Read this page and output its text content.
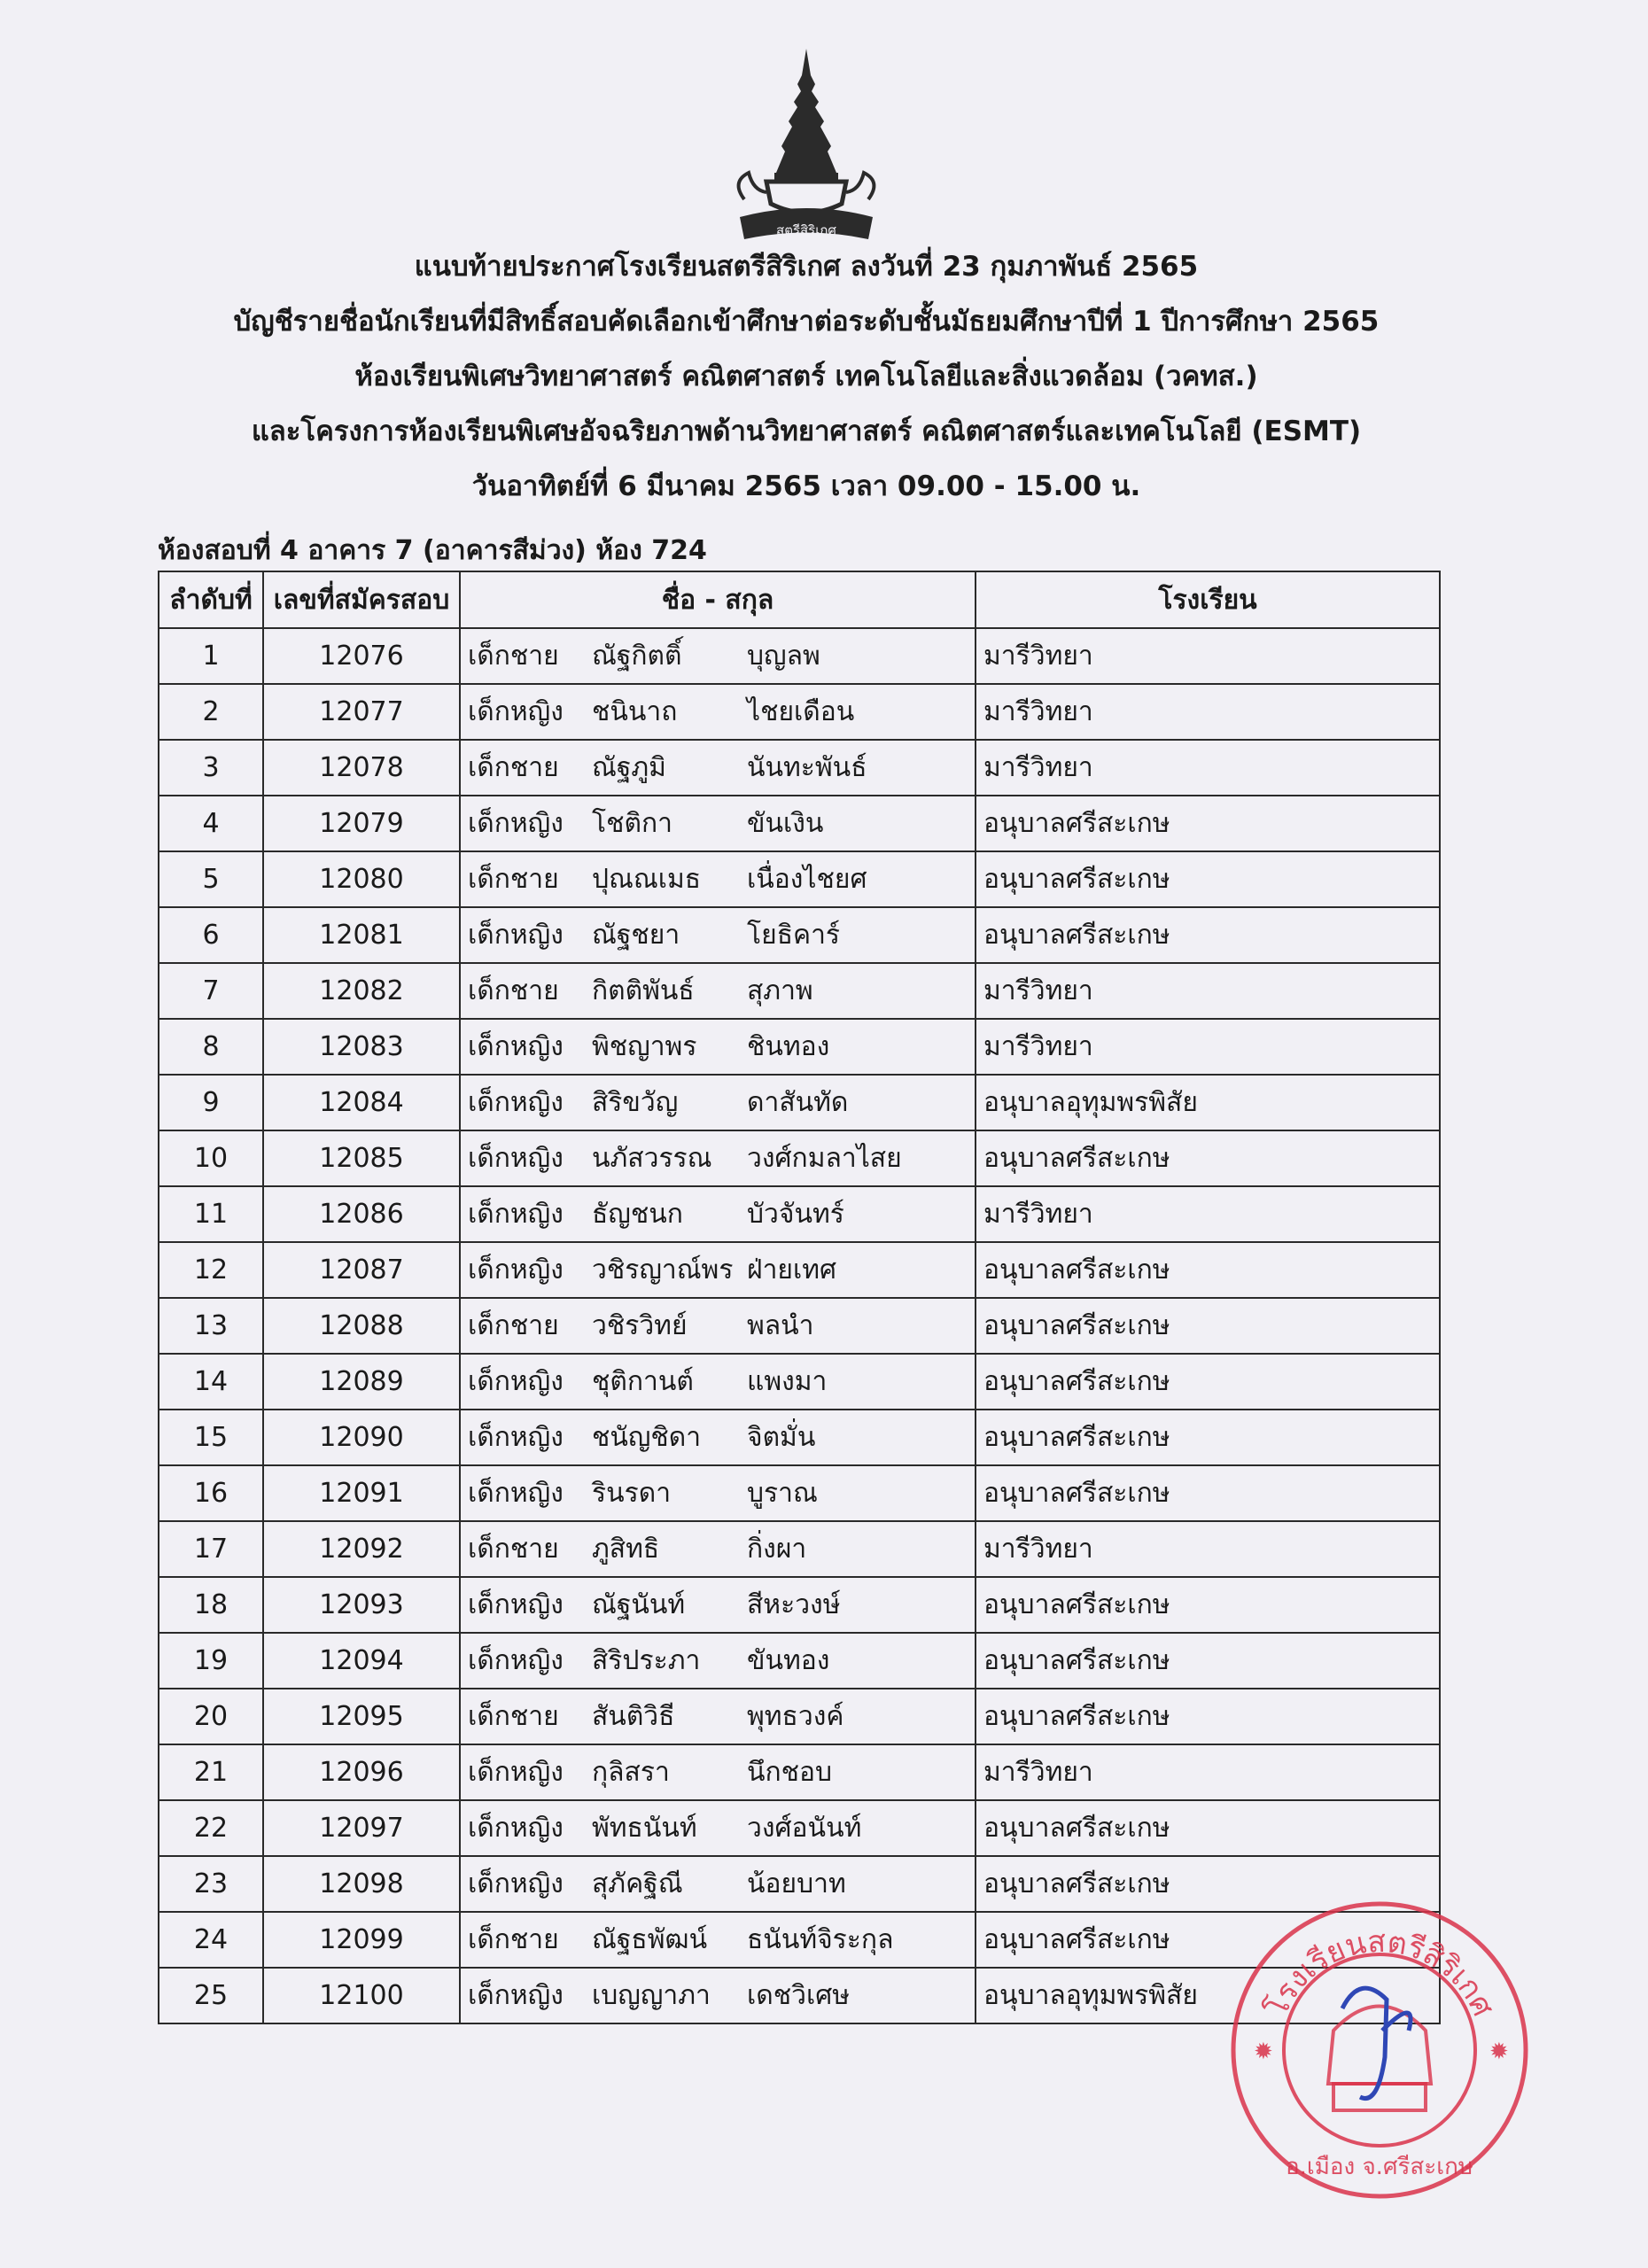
สตรีสิริเกศ
แนบท้ายประกาศโรงเรียนสตรีสิริเกศ ลงวันที่ 23 กุมภาพันธ์ 2565
บัญชีรายชื่อนักเรียนที่มีสิทธิ์สอบคัดเลือกเข้าศึกษาต่อระดับชั้นมัธยมศึกษาปีที่ 1 ปีการศึกษา 2565
ห้องเรียนพิเศษวิทยาศาสตร์ คณิตศาสตร์ เทคโนโลยีและสิ่งแวดล้อม (วคทส.)
และโครงการห้องเรียนพิเศษอัจฉริยภาพด้านวิทยาศาสตร์ คณิตศาสตร์และเทคโนโลยี (ESMT)
วันอาทิตย์ที่ 6 มีนาคม 2565 เวลา 09.00 - 15.00 น.
ห้องสอบที่ 4 อาคาร 7 (อาคารสีม่วง) ห้อง 724
ลำดับที่	เลขที่สมัครสอบ	ชื่อ - สกุล	โรงเรียน
1	12076	เด็กชาย ณัฐกิตติ์ บุญลพ	มารีวิทยา
2	12077	เด็กหญิง ชนินาถ ไชยเดือน	มารีวิทยา
3	12078	เด็กชาย ณัฐภูมิ นันทะพันธ์	มารีวิทยา
4	12079	เด็กหญิง โชติกา ขันเงิน	อนุบาลศรีสะเกษ
5	12080	เด็กชาย ปุณณเมธ เนื่องไชยศ	อนุบาลศรีสะเกษ
6	12081	เด็กหญิง ณัฐชยา โยธิคาร์	อนุบาลศรีสะเกษ
7	12082	เด็กชาย กิตติพันธ์ สุภาพ	มารีวิทยา
8	12083	เด็กหญิง พิชญาพร ชินทอง	มารีวิทยา
9	12084	เด็กหญิง สิริขวัญ ดาสันทัด	อนุบาลอุทุมพรพิสัย
10	12085	เด็กหญิง นภัสวรรณ วงศ์กมลาไสย	อนุบาลศรีสะเกษ
11	12086	เด็กหญิง ธัญชนก บัวจันทร์	มารีวิทยา
12	12087	เด็กหญิง วชิรญาณ์พร ฝ่ายเทศ	อนุบาลศรีสะเกษ
13	12088	เด็กชาย วชิรวิทย์ พลนำ	อนุบาลศรีสะเกษ
14	12089	เด็กหญิง ชุติกานต์ แพงมา	อนุบาลศรีสะเกษ
15	12090	เด็กหญิง ชนัญชิดา จิตมั่น	อนุบาลศรีสะเกษ
16	12091	เด็กหญิง รินรดา บูราณ	อนุบาลศรีสะเกษ
17	12092	เด็กชาย ภูสิทธิ กิ่งผา	มารีวิทยา
18	12093	เด็กหญิง ณัฐนันท์ สีหะวงษ์	อนุบาลศรีสะเกษ
19	12094	เด็กหญิง สิริประภา ขันทอง	อนุบาลศรีสะเกษ
20	12095	เด็กชาย สันติวิธี พุทธวงค์	อนุบาลศรีสะเกษ
21	12096	เด็กหญิง กุลิสรา นึกชอบ	มารีวิทยา
22	12097	เด็กหญิง พัทธนันท์ วงศ์อนันท์	อนุบาลศรีสะเกษ
23	12098	เด็กหญิง สุภัคฐิณี น้อยบาท	อนุบาลศรีสะเกษ
24	12099	เด็กชาย ณัฐธพัฒน์ ธนันท์จิระกุล	อนุบาลศรีสะเกษ
25	12100	เด็กหญิง เบญญาภา เดชวิเศษ	อนุบาลอุทุมพรพิสัย โรงเรียนสตรีสิริเกศ
อ.เมือง จ.ศรีสะเกษ
✹	✹
